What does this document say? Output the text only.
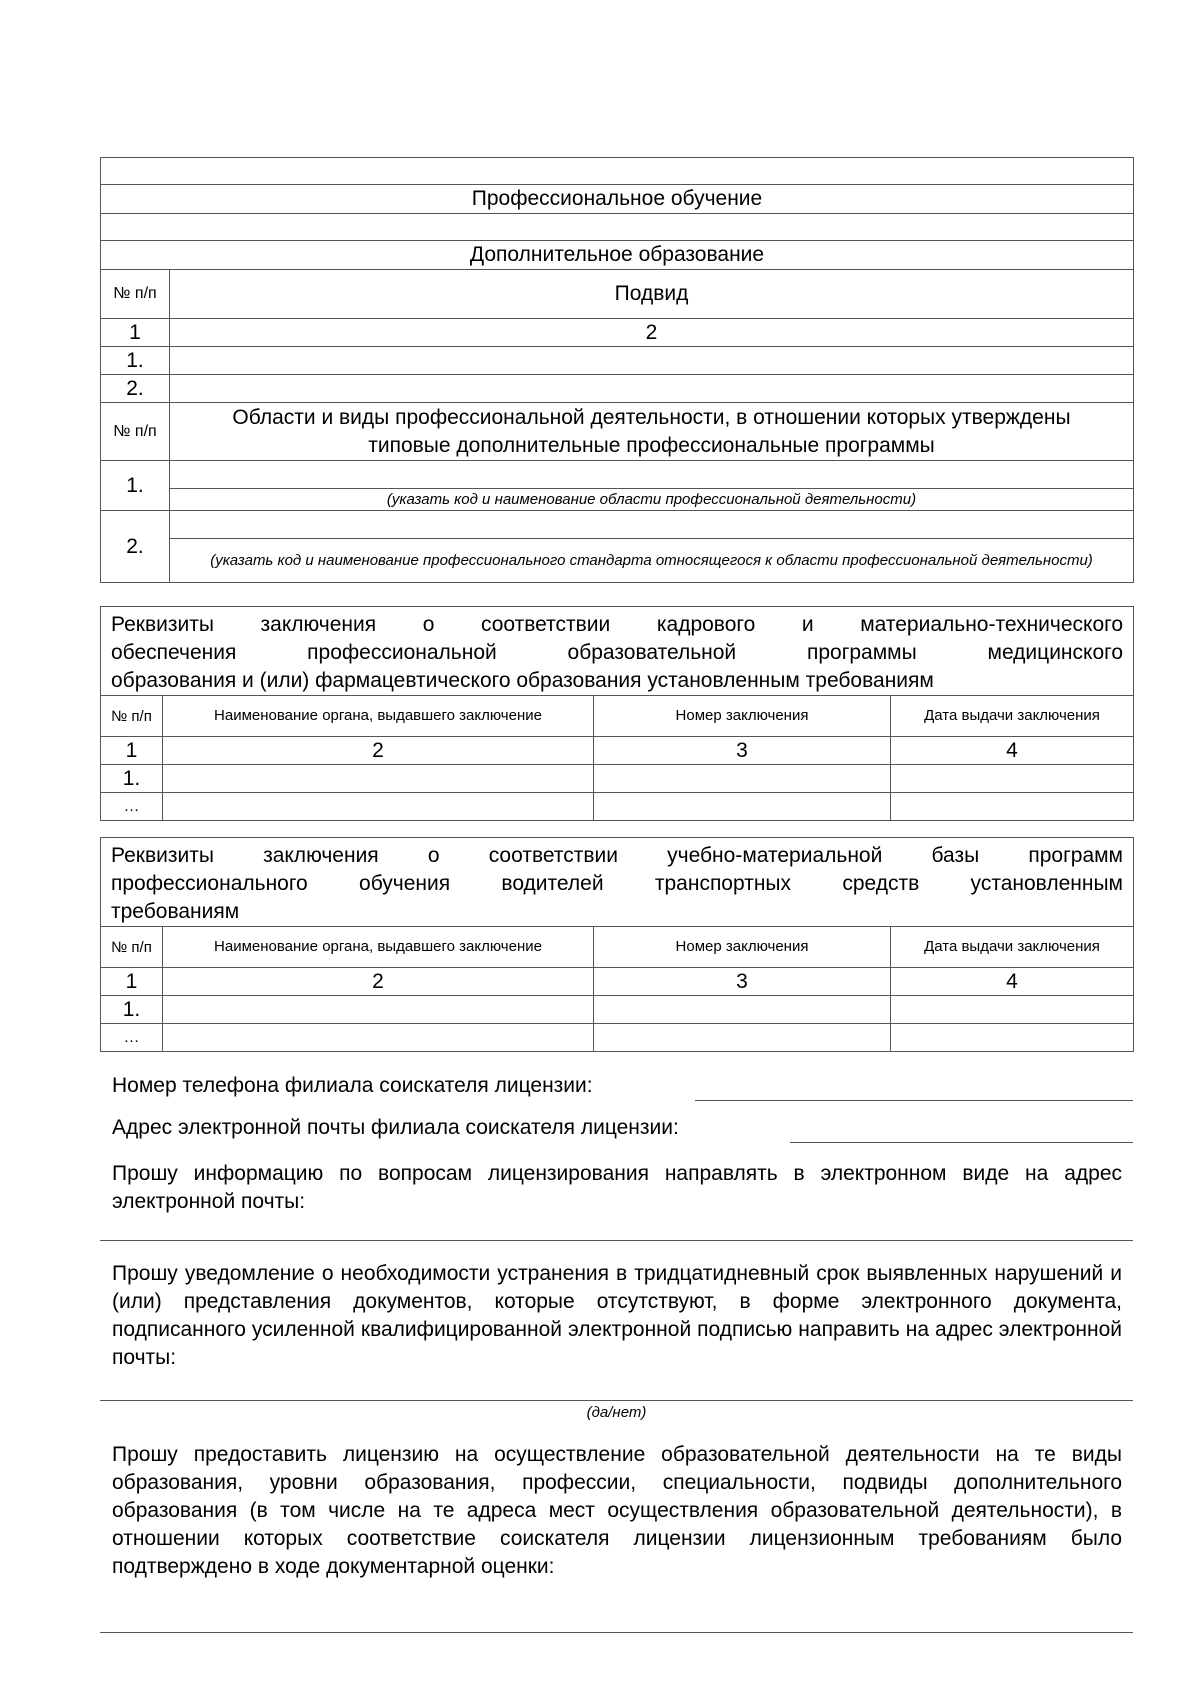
Профессиональное обучение	

Дополнительное образование	
№ п/п	Подвид
1	2
1.	
2.	
№ п/п	Области и виды профессиональной деятельности, в отношении которых утверждены типовые дополнительные профессиональные программы
1.	
	(указать код и наименование области профессиональной деятельности)
2.	
	(указать код и наименование профессионального стандарта относящегося к области профессиональной деятельности)
Реквизиты заключения о соответствии кадрового и материально-технического
обеспечения профессиональной образовательной программы медицинского
образования и (или) фармацевтического образования установленным требованиям			

№ п/п	Наименование органа, выдавшего заключение	Номер заключения	Дата выдачи заключения
1	2	3	4
1.			
…			
Реквизиты заключения о соответствии учебно-материальной базы программ
профессионального обучения водителей транспортных средств установленным
требованиям			

№ п/п	Наименование органа, выдавшего заключение	Номер заключения	Дата выдачи заключения
1	2	3	4
1.			
…			
Номер телефона филиала соискателя лицензии:
Адрес электронной почты филиала соискателя лицензии:
Прошу информацию по вопросам лицензирования направлять в электронном виде на адрес электронной почты:
Прошу уведомление о необходимости устранения в тридцатидневный срок выявленных нарушений и (или) представления документов, которые отсутствуют, в форме электронного документа, подписанного усиленной квалифицированной электронной подписью направить на адрес электронной почты:
(да/нет)
Прошу предоставить лицензию на осуществление образовательной деятельности на те виды образования, уровни образования, профессии, специальности, подвиды дополнительного образования (в том числе на те адреса мест осуществления образовательной деятельности), в отношении которых соответствие соискателя лицензии лицензионным требованиям было подтверждено в ходе документарной оценки:
